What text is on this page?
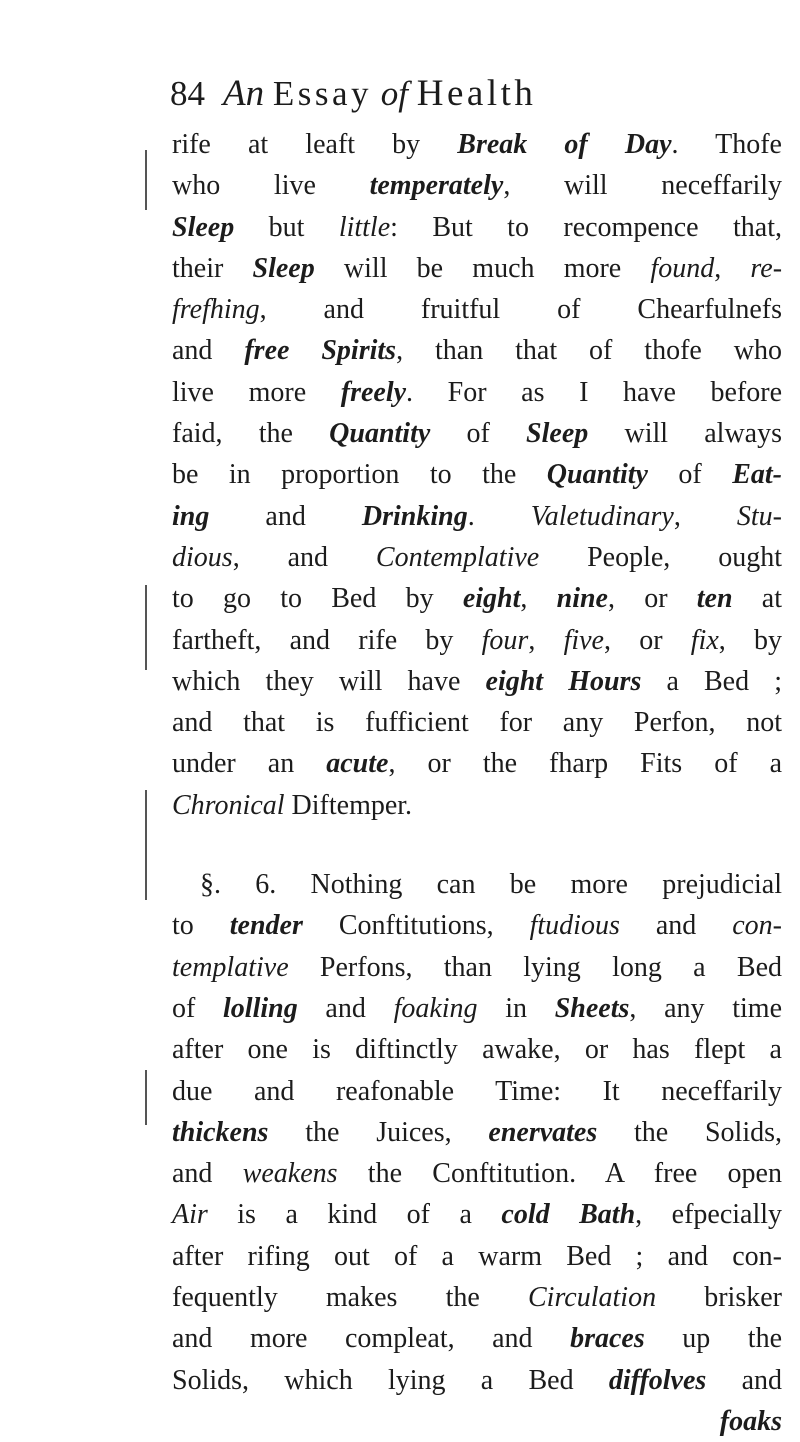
84 An Essay of Health
rife at leaft by Break of Day. Thofe
who live temperately, will neceffarily
Sleep but little: But to recompence that,
their Sleep will be much more found, re-
frefhing, and fruitful of Chearfulnefs
and free Spirits, than that of thofe who
live more freely. For as I have before
faid, the Quantity of Sleep will always
be in proportion to the Quantity of Eat-
ing and Drinking. Valetudinary, Stu-
dious, and Contemplative People, ought
to go to Bed by eight, nine, or ten at
fartheft, and rife by four, five, or fix, by
which they will have eight Hours a Bed ;
and that is fufficient for any Perfon, not
under an acute, or the fharp Fits of a
Chronical Diftemper.
§. 6. Nothing can be more prejudicial
to tender Conftitutions, ftudious and con-
templative Perfons, than lying long a Bed
of lolling and foaking in Sheets, any time
after one is diftinctly awake, or has flept a
due and reafonable Time: It neceffarily
thickens the Juices, enervates the Solids,
and weakens the Conftitution. A free open
Air is a kind of a cold Bath, efpecially
after rifing out of a warm Bed ; and con-
fequently makes the Circulation brisker
and more compleat, and braces up the
Solids, which lying a Bed diffolves and
foaks
